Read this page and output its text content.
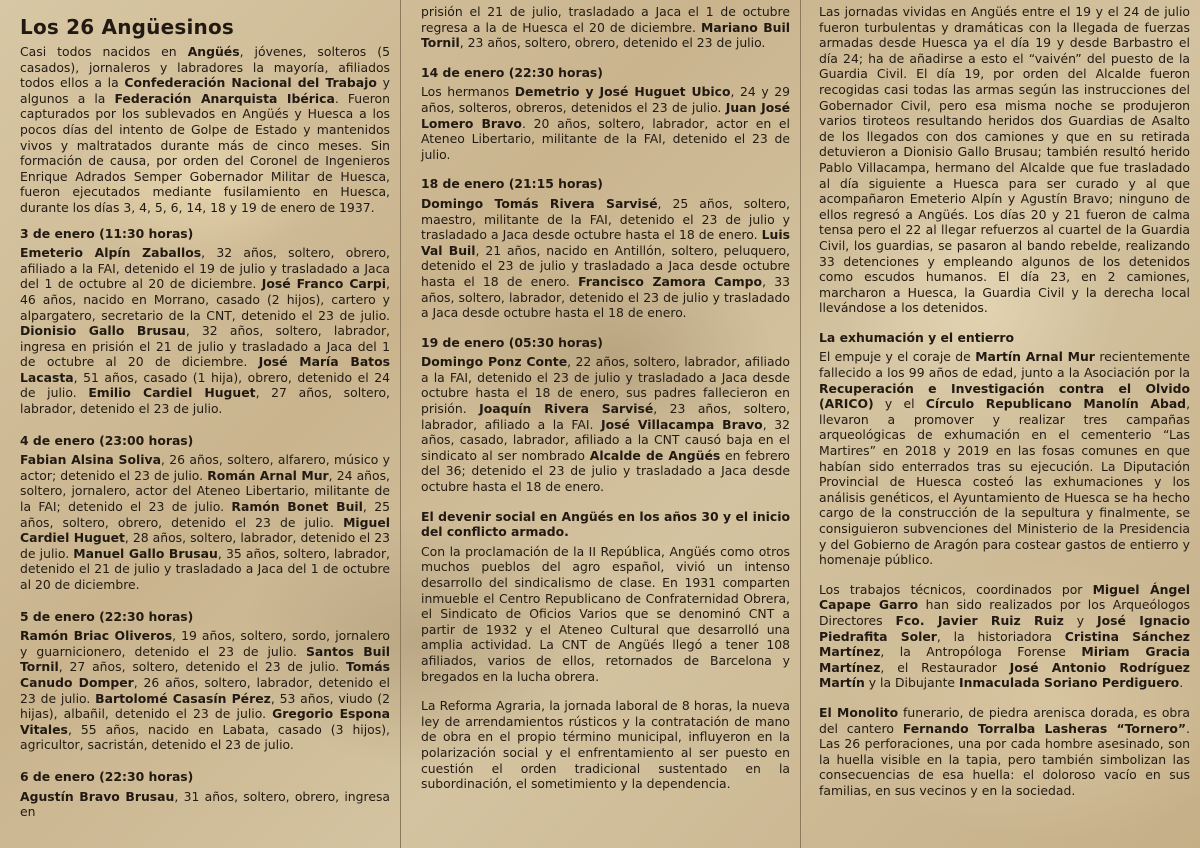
Los 26 Angüesinos

Casi todos nacidos en Angüés, jóvenes, solteros (5 casados), jornaleros y labradores la mayoría, afiliados todos ellos a la Confederación Nacional del Trabajo y algunos a la Federación Anarquista Ibérica. Fueron capturados por los sublevados en Angüés y Huesca a los pocos días del intento de Golpe de Estado y mantenidos vivos y maltratados durante más de cinco meses. Sin formación de causa, por orden del Coronel de Ingenieros Enrique Adrados Semper Gobernador Militar de Huesca, fueron ejecutados mediante fusilamiento en Huesca, durante los días 3, 4, 5, 6, 14, 18 y 19 de enero de 1937.

3 de enero (11:30 horas)

Emeterio Alpín Zaballos, 32 años, soltero, obrero, afiliado a la FAI, detenido el 19 de julio y trasladado a Jaca del 1 de octubre al 20 de diciembre. José Franco Carpi, 46 años, nacido en Morrano, casado (2 hijos), cartero y alpargatero, secretario de la CNT, detenido el 23 de julio. Dionisio Gallo Brusau, 32 años, soltero, labrador, ingresa en prisión el 21 de julio y trasladado a Jaca del 1 de octubre al 20 de diciembre. José María Batos Lacasta, 51 años, casado (1 hija), obrero, detenido el 24 de julio. Emilio Cardiel Huguet, 27 años, soltero, labrador, detenido el 23 de julio.

4 de enero (23:00 horas)

Fabian Alsina Soliva, 26 años, soltero, alfarero, músico y actor; detenido el 23 de julio. Román Arnal Mur, 24 años, soltero, jornalero, actor del Ateneo Libertario, militante de la FAI; detenido el 23 de julio. Ramón Bonet Buil, 25 años, soltero, obrero, detenido el 23 de julio. Miguel Cardiel Huguet, 28 años, soltero, labrador, detenido el 23 de julio. Manuel Gallo Brusau, 35 años, soltero, labrador, detenido el 21 de julio y trasladado a Jaca del 1 de octubre al 20 de diciembre.

5 de enero (22:30 horas)

Ramón Briac Oliveros, 19 años, soltero, sordo, jornalero y guarnicionero, detenido el 23 de julio. Santos Buil Tornil, 27 años, soltero, detenido el 23 de julio. Tomás Canudo Domper, 26 años, soltero, labrador, detenido el 23 de julio. Bartolomé Casasín Pérez, 53 años, viudo (2 hijas), albañil, detenido el 23 de julio. Gregorio Espona Vitales, 55 años, nacido en Labata, casado (3 hijos), agricultor, sacristán, detenido el 23 de julio.

6 de enero (22:30 horas)

Agustín Bravo Brusau, 31 años, soltero, obrero, ingresa en

prisión el 21 de julio, trasladado a Jaca el 1 de octubre regresa a la de Huesca el 20 de diciembre. Mariano Buil Tornil, 23 años, soltero, obrero, detenido el 23 de julio.

14 de enero (22:30 horas)

Los hermanos Demetrio y José Huguet Ubico, 24 y 29 años, solteros, obreros, detenidos el 23 de julio. Juan José Lomero Bravo. 20 años, soltero, labrador, actor en el Ateneo Libertario, militante de la FAI, detenido el 23 de julio.

18 de enero (21:15 horas)

Domingo Tomás Rivera Sarvisé, 25 años, soltero, maestro, militante de la FAI, detenido el 23 de julio y trasladado a Jaca desde octubre hasta el 18 de enero. Luis Val Buil, 21 años, nacido en Antillón, soltero, peluquero, detenido el 23 de julio y trasladado a Jaca desde octubre hasta el 18 de enero. Francisco Zamora Campo, 33 años, soltero, labrador, detenido el 23 de julio y trasladado a Jaca desde octubre hasta el 18 de enero.

19 de enero (05:30 horas)

Domingo Ponz Conte, 22 años, soltero, labrador, afiliado a la FAI, detenido el 23 de julio y trasladado a Jaca desde octubre hasta el 18 de enero, sus padres fallecieron en prisión. Joaquín Rivera Sarvisé, 23 años, soltero, labrador, afiliado a la FAI. José Villacampa Bravo, 32 años, casado, labrador, afiliado a la CNT causó baja en el sindicato al ser nombrado Alcalde de Angüés en febrero del 36; detenido el 23 de julio y trasladado a Jaca desde octubre hasta el 18 de enero.

El devenir social en Angüés en los años 30 y el inicio del conflicto armado.

Con la proclamación de la II República, Angüés como otros muchos pueblos del agro español, vivió un intenso desarrollo del sindicalismo de clase. En 1931 comparten inmueble el Centro Republicano de Confraternidad Obrera, el Sindicato de Oficios Varios que se denominó CNT a partir de 1932 y el Ateneo Cultural que desarrolló una amplia actividad. La CNT de Angüés llegó a tener 108 afiliados, varios de ellos, retornados de Barcelona y bregados en la lucha obrera.

La Reforma Agraria, la jornada laboral de 8 horas, la nueva ley de arrendamientos rústicos y la contratación de mano de obra en el propio término municipal, influyeron en la polarización social y el enfrentamiento al ser puesto en cuestión el orden tradicional sustentado en la subordinación, el sometimiento y la dependencia.

Las jornadas vividas en Angüés entre el 19 y el 24 de julio fueron turbulentas y dramáticas con la llegada de fuerzas armadas desde Huesca ya el día 19 y desde Barbastro el día 24; ha de añadirse a esto el “vaivén” del puesto de la Guardia Civil. El día 19, por orden del Alcalde fueron recogidas casi todas las armas según las instrucciones del Gobernador Civil, pero esa misma noche se produjeron varios tiroteos resultando heridos dos Guardias de Asalto de los llegados con dos camiones y que en su retirada detuvieron a Dionisio Gallo Brusau; también resultó herido Pablo Villacampa, hermano del Alcalde que fue trasladado al día siguiente a Huesca para ser curado y al que acompañaron Emeterio Alpín y Agustín Bravo; ninguno de ellos regresó a Angüés. Los días 20 y 21 fueron de calma tensa pero el 22 al llegar refuerzos al cuartel de la Guardia Civil, los guardias, se pasaron al bando rebelde, realizando 33 detenciones y empleando algunos de los detenidos como escudos humanos. El día 23, en 2 camiones, marcharon a Huesca, la Guardia Civil y la derecha local llevándose a los detenidos.

La exhumación y el entierro

El empuje y el coraje de Martín Arnal Mur recientemente fallecido a los 99 años de edad, junto a la Asociación por la Recuperación e Investigación contra el Olvido (ARICO) y el Círculo Republicano Manolín Abad, llevaron a promover y realizar tres campañas arqueológicas de exhumación en el cementerio “Las Martires” en 2018 y 2019 en las fosas comunes en que habían sido enterrados tras su ejecución. La Diputación Provincial de Huesca costeó las exhumaciones y los análisis genéticos, el Ayuntamiento de Huesca se ha hecho cargo de la construcción de la sepultura y finalmente, se consiguieron subvenciones del Ministerio de la Presidencia y del Gobierno de Aragón para costear gastos de entierro y homenaje público.

Los trabajos técnicos, coordinados por Miguel Ángel Capape Garro han sido realizados por los Arqueólogos Directores Fco. Javier Ruiz Ruiz y José Ignacio Piedrafita Soler, la historiadora Cristina Sánchez Martínez, la Antropóloga Forense Miriam Gracia Martínez, el Restaurador José Antonio Rodríguez Martín y la Dibujante Inmaculada Soriano Perdiguero.

El Monolito funerario, de piedra arenisca dorada, es obra del cantero Fernando Torralba Lasheras “Tornero”. Las 26 perforaciones, una por cada hombre asesinado, son la huella visible en la tapia, pero también simbolizan las consecuencias de esa huella: el doloroso vacío en sus familias, en sus vecinos y en la sociedad.
